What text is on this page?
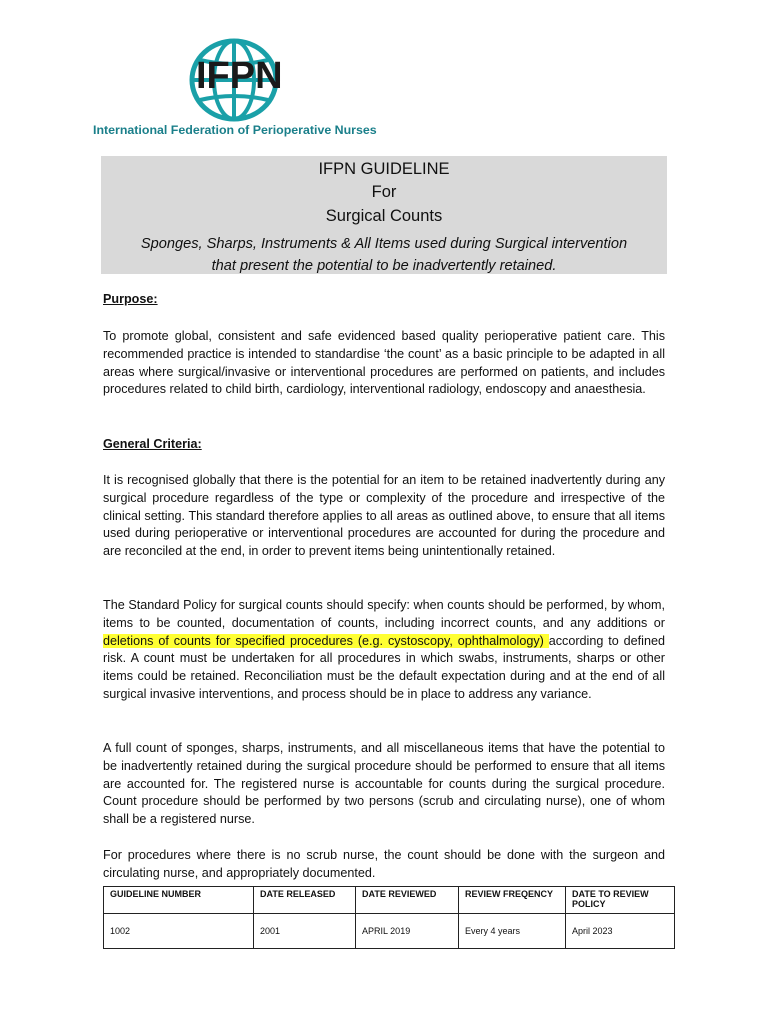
IFPN
International Federation of Perioperative Nurses
IFPN GUIDELINE
For
Surgical Counts
Sponges, Sharps, Instruments & All Items used during Surgical intervention
that present the potential to be inadvertently retained.
Purpose:

To promote global, consistent and safe evidenced based quality perioperative patient care. This recommended practice is intended to standardise ‘the count’ as a basic principle to be adapted in all areas where surgical/invasive or interventional procedures are performed on patients, and includes procedures related to child birth, cardiology, interventional radiology, endoscopy and anaesthesia.

General Criteria:

It is recognised globally that there is the potential for an item to be retained inadvertently during any surgical procedure regardless of the type or complexity of the procedure and irrespective of the clinical setting. This standard therefore applies to all areas as outlined above, to ensure that all items used during perioperative or interventional procedures are accounted for during the procedure and are reconciled at the end, in order to prevent items being unintentionally retained.

The Standard Policy for surgical counts should specify: when counts should be performed, by whom, items to be counted, documentation of counts, including incorrect counts, and any additions or deletions of counts for specified procedures (e.g. cystoscopy, ophthalmology) according to defined risk. A count must be undertaken for all procedures in which swabs, instruments, sharps or other items could be retained. Reconciliation must be the default expectation during and at the end of all surgical invasive interventions, and process should be in place to address any variance.

A full count of sponges, sharps, instruments, and all miscellaneous items that have the potential to be inadvertently retained during the surgical procedure should be performed to ensure that all items are accounted for. The registered nurse is accountable for counts during the surgical procedure. Count procedure should be performed by two persons (scrub and circulating nurse), one of whom shall be a registered nurse.

For procedures where there is no scrub nurse, the count should be done with the surgeon and circulating nurse, and appropriately documented.

GUIDELINE NUMBER	DATE RELEASED	DATE REVIEWED	REVIEW FREQENCY	DATE TO REVIEW POLICY
1002	2001	APRIL 2019	Every 4 years	April 2023
